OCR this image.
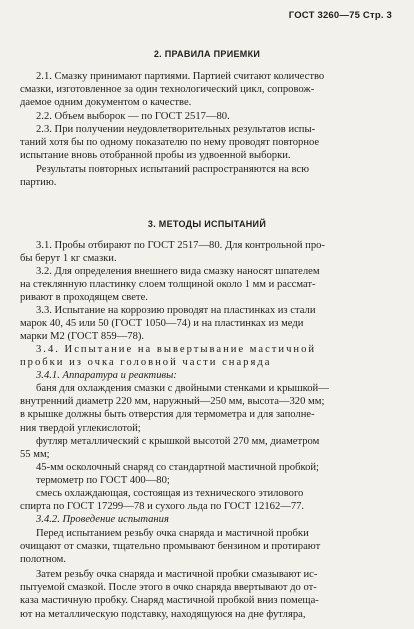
ГОСТ 3260—75 Стр. 3
2. ПРАВИЛА ПРИЕМКИ

2.1. Смазку принимают партиями. Партией считают количество

смазки, изготовленное за один технологический цикл, сопровож-

даемое одним документом о качестве.

2.2. Объем выборок — по ГОСТ 2517—80.

2.3. При получении неудовлетворительных результатов испы-

таний хотя бы по одному показателю по нему проводят повторное

испытание вновь отобранной пробы из удвоенной выборки.

Результаты повторных испытаний распространяются на всю

партию.

3. МЕТОДЫ ИСПЫТАНИЙ

3.1. Пробы отбирают по ГОСТ 2517—80. Для контрольной про-

бы берут 1 кг смазки.

3.2. Для определения внешнего вида смазку наносят шпателем

на стеклянную пластинку слоем толщиной около 1 мм и рассмат-

ривают в проходящем свете.

3.3. Испытание на коррозию проводят на пластинках из стали

марок 40, 45 или 50 (ГОСТ 1050—74) и на пластинках из меди

марки М2 (ГОСТ 859—78).

3.4. Испытание на вывертывание мастичной

пробки из очка головной части снаряда

3.4.1. Аппаратура и реактивы:

баня для охлаждения смазки с двойными стенками и крышкой—

внутренний диаметр 220 мм, наружный—250 мм, высота—320 мм;

в крышке должны быть отверстия для термометра и для заполне-

ния твердой углекислотой;

футляр металлический с крышкой высотой 270 мм, диаметром

55 мм;

45-мм осколочный снаряд со стандартной мастичной пробкой;

термометр по ГОСТ 400—80;

смесь охлаждающая, состоящая из технического этилового

спирта по ГОСТ 17299—78 и сухого льда по ГОСТ 12162—77.

3.4.2. Проведение испытания

Перед испытанием резьбу очка снаряда и мастичной пробки

очищают от смазки, тщательно промывают бензином и протирают

полотном.

Затем резьбу очка снаряда и мастичной пробки смазывают ис-

пытуемой смазкой. После этого в очко снаряда ввертывают до от-

каза мастичную пробку. Снаряд мастичной пробкой вниз помеща-

ют на металлическую подставку, находящуюся на дне футляра,
